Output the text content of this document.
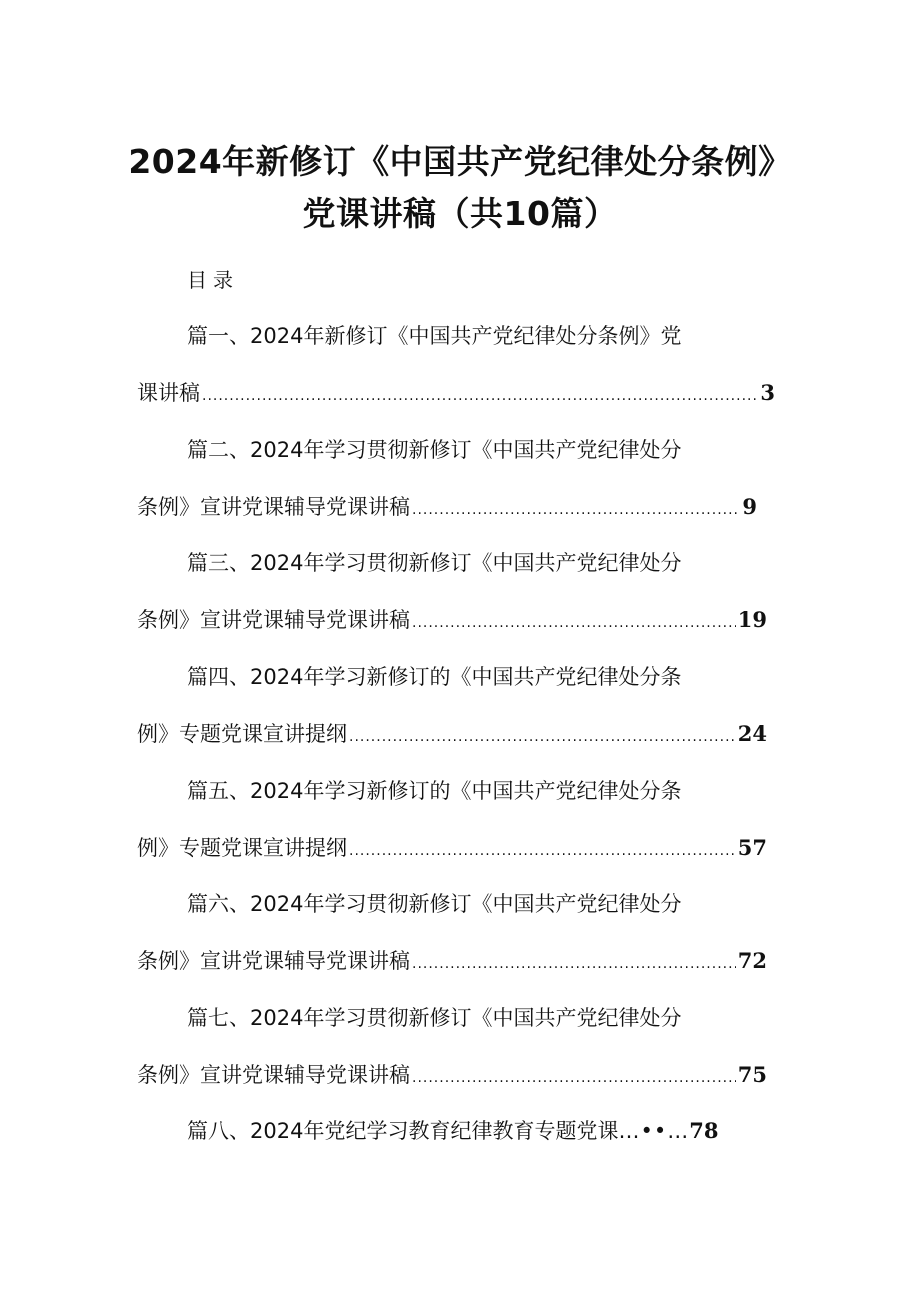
2024年新修订《中国共产党纪律处分条例》
党课讲稿（共10篇）
目录
篇一、2024年新修订《中国共产党纪律处分条例》党
课讲稿 .....	3
篇二、2024年学习贯彻新修订《中国共产党纪律处分
条例》宣讲党课辅导党课讲稿 .....	9
篇三、2024年学习贯彻新修订《中国共产党纪律处分
条例》宣讲党课辅导党课讲稿 .....	19
篇四、2024年学习新修订的《中国共产党纪律处分条
例》专题党课宣讲提纲 .....	24
篇五、2024年学习新修订的《中国共产党纪律处分条
例》专题党课宣讲提纲 .....	57
篇六、2024年学习贯彻新修订《中国共产党纪律处分
条例》宣讲党课辅导党课讲稿 .....	72
篇七、2024年学习贯彻新修订《中国共产党纪律处分
条例》宣讲党课辅导党课讲稿 .....	75
篇八、2024年党纪学习教育纪律教育专题党课…••…78
